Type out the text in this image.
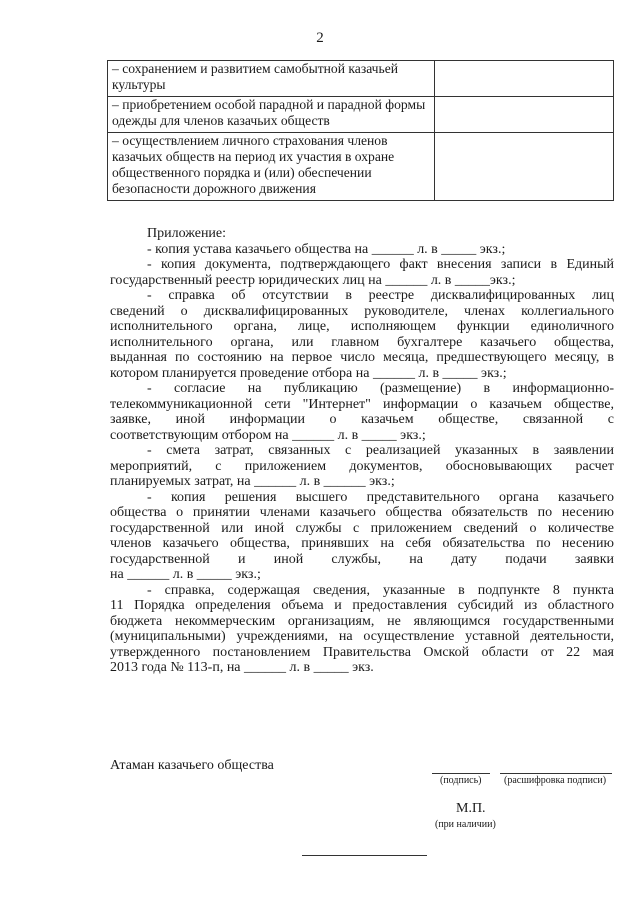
2
– сохранением и развитием самобытной казачьей культуры	
– приобретением особой парадной и парадной формы одежды для членов казачьих обществ	
– осуществлением личного страхования членов казачьих обществ на период их участия в охране общественного порядка и (или) обеспечении безопасности дорожного движения	

Приложение:

- копия устава казачьего общества на ______ л. в _____ экз.;

- копия документа, подтверждающего факт внесения записи в Единый

государственный реестр юридических лиц на ______ л. в _____экз.;

- справка об отсутствии в реестре дисквалифицированных лиц

сведений о дисквалифицированных руководителе, членах коллегиального

исполнительного органа, лице, исполняющем функции единоличного

исполнительного органа, или главном бухгалтере казачьего общества,

выданная по состоянию на первое число месяца, предшествующего месяцу, в

котором планируется проведение отбора на ______ л. в _____ экз.;

- согласие на публикацию (размещение) в информационно-

телекоммуникационной сети "Интернет" информации о казачьем обществе,

заявке, иной информации о казачьем обществе, связанной с

соответствующим отбором на ______ л. в _____ экз.;

- смета затрат, связанных с реализацией указанных в заявлении

мероприятий, с приложением документов, обосновывающих расчет

планируемых затрат, на ______ л. в ______ экз.;

- копия решения высшего представительного органа казачьего

общества о принятии членами казачьего общества обязательств по несению

государственной или иной службы с приложением сведений о количестве

членов казачьего общества, принявших на себя обязательства по несению

государственной и иной службы, на дату подачи заявки

на ______ л. в _____ экз.;

- справка, содержащая сведения, указанные в подпункте 8 пункта

11 Порядка определения объема и предоставления субсидий из областного

бюджета некоммерческим организациям, не являющимся государственными

(муниципальными) учреждениями, на осуществление уставной деятельности,

утвержденного постановлением Правительства Омской области от 22 мая

2013 года № 113-п, на ______ л. в _____ экз.

Атаман казачьего общества
(подпись) (расшифровка подписи)
М.П.
(при наличии)
